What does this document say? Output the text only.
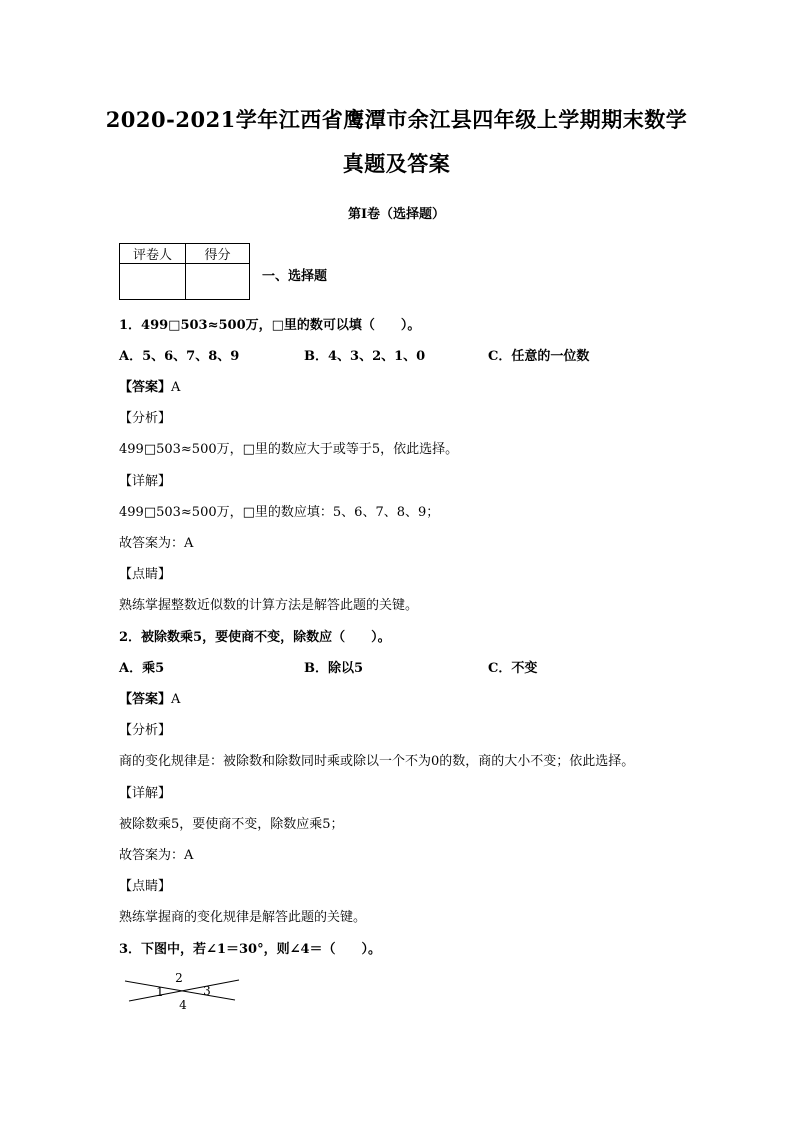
2020-2021学年江西省鹰潭市余江县四年级上学期期末数学
真题及答案
第I卷（选择题）
评卷人	得分

一、选择题
1．499□503≈500万，□里的数可以填（　　）。
A．5、6、7、8、9	B．4、3、2、1、0	C．任意的一位数
【答案】A
【分析】
499□503≈500万，□里的数应大于或等于5，依此选择。
【详解】
499□503≈500万，□里的数应填：5、6、7、8、9；
故答案为：A
【点睛】
熟练掌握整数近似数的计算方法是解答此题的关键。
2．被除数乘5，要使商不变，除数应（　　）。
A．乘5	B．除以5	C．不变
【答案】A
【分析】
商的变化规律是：被除数和除数同时乘或除以一个不为0的数，商的大小不变；依此选择。
【详解】
被除数乘5，要使商不变，除数应乘5；
故答案为：A
【点睛】
熟练掌握商的变化规律是解答此题的关键。
3．下图中，若∠1＝30°，则∠4＝（　　）。
2
1	3
4
